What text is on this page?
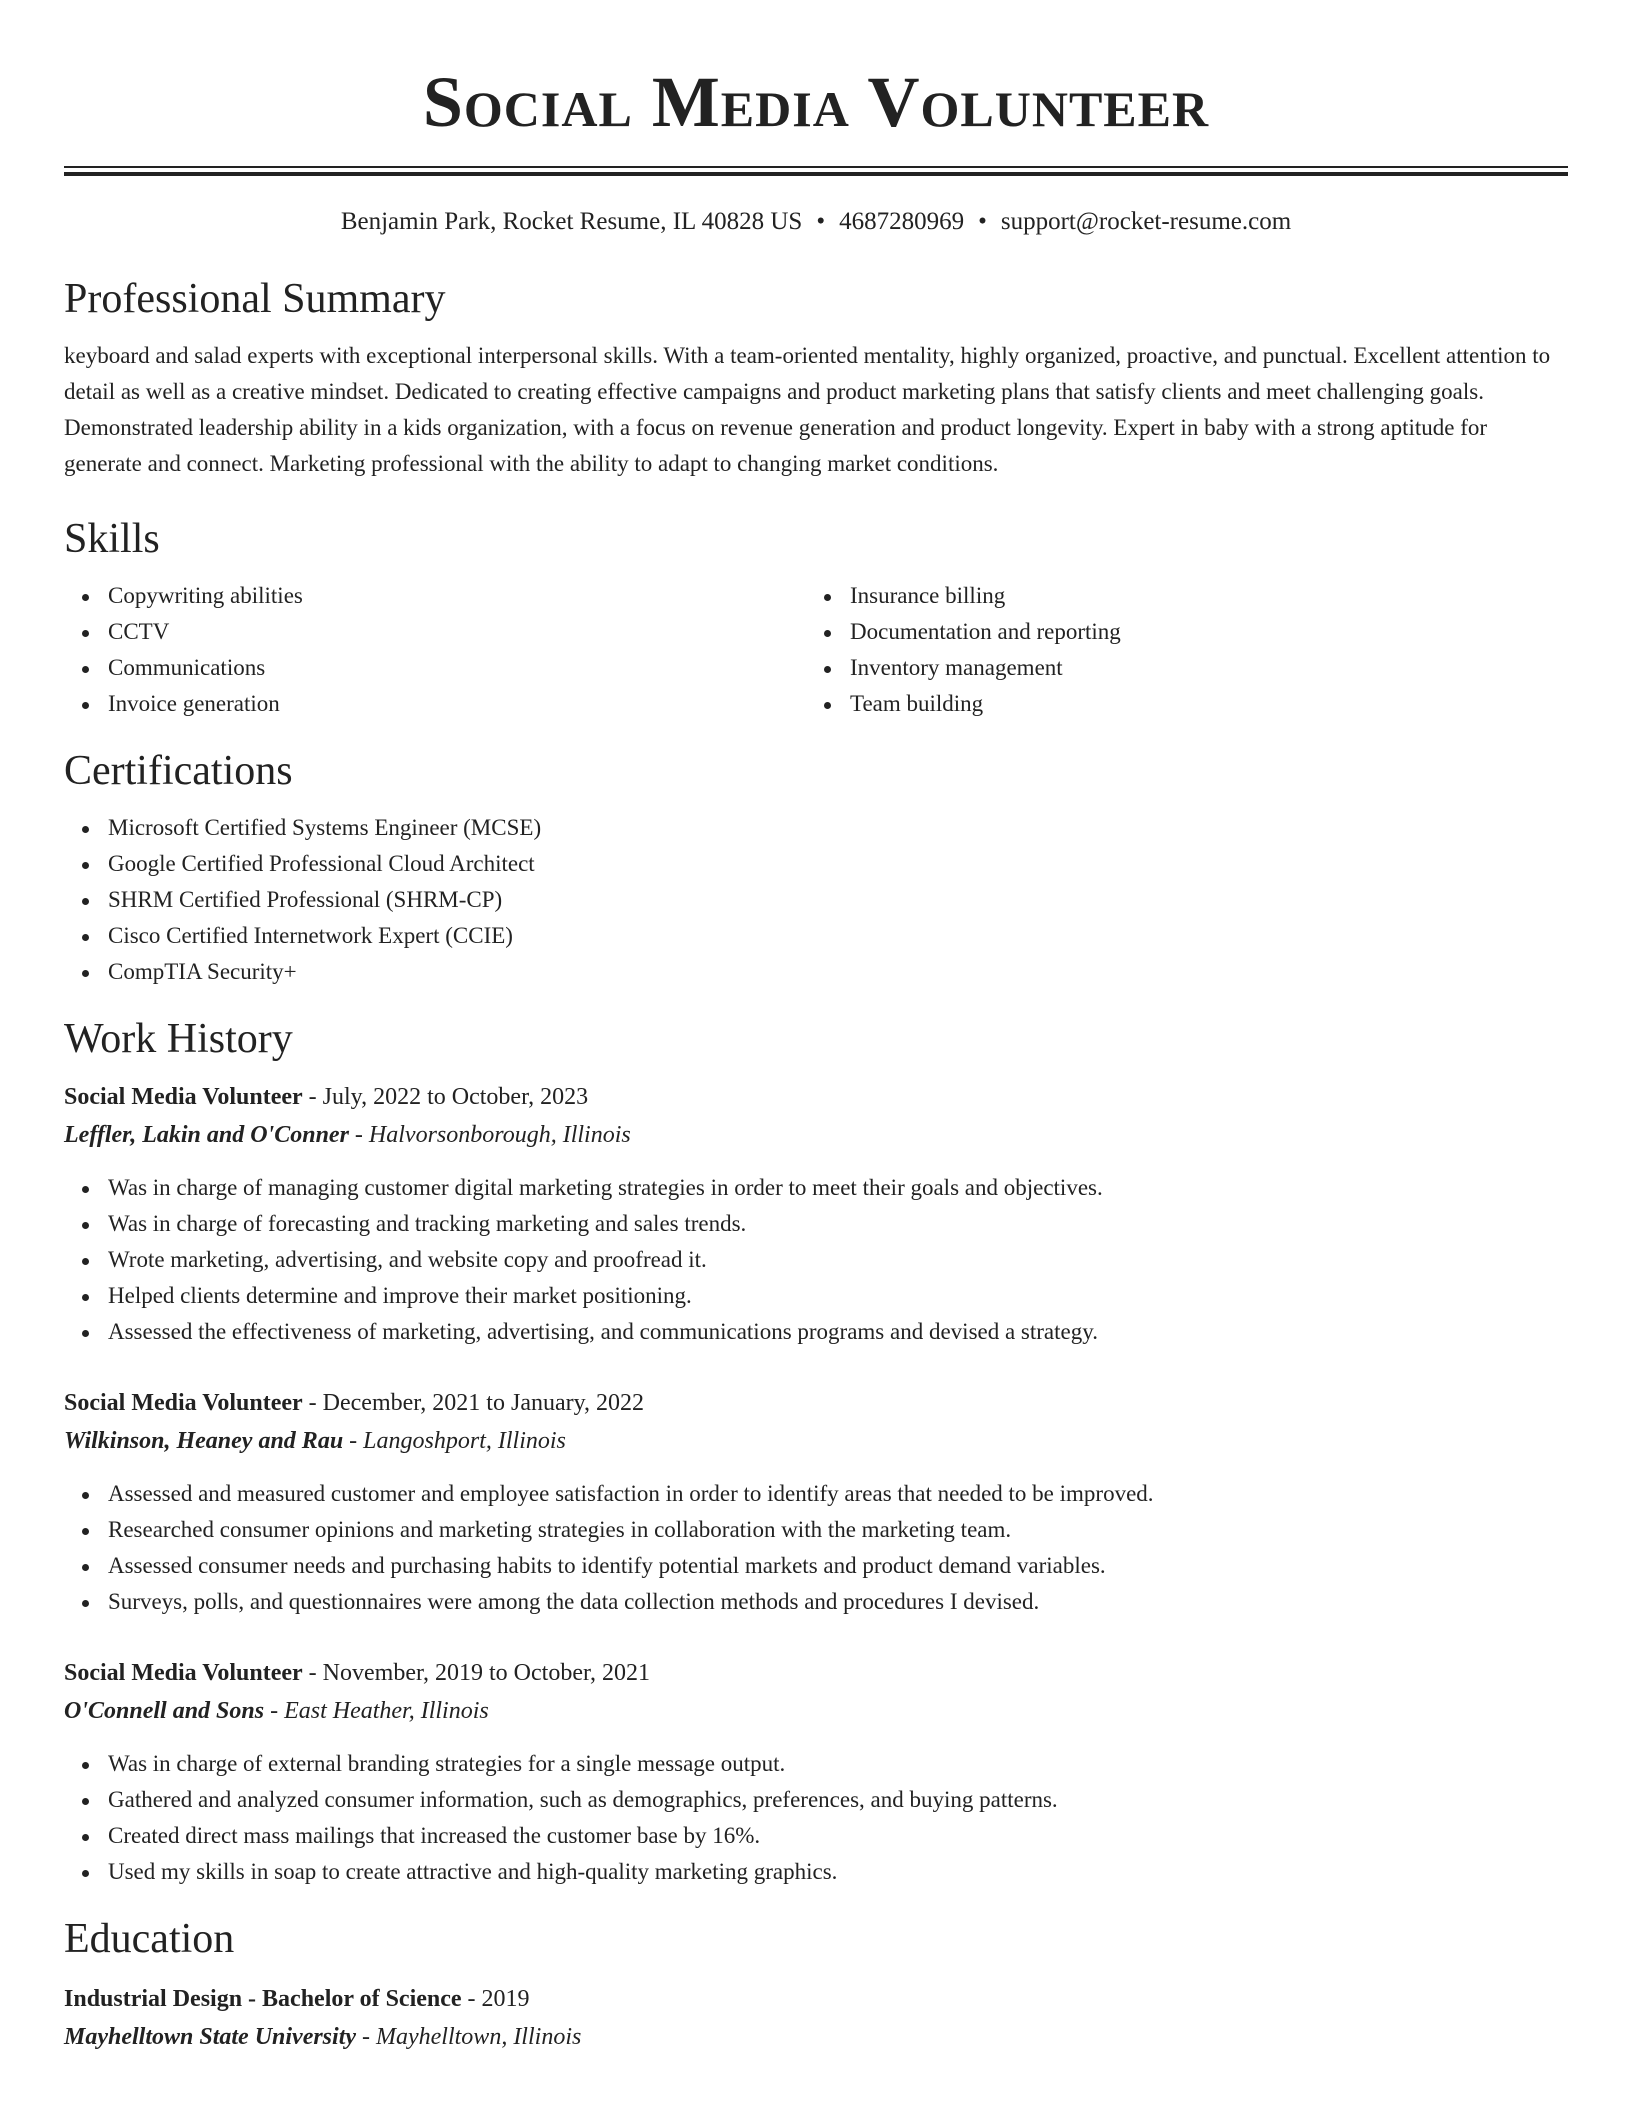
Social Media Volunteer
Benjamin Park, Rocket Resume, IL 40828 US • 4687280969 • support@rocket-resume.com
Professional Summary

keyboard and salad experts with exceptional interpersonal skills. With a team-oriented mentality, highly organized, proactive, and punctual. Excellent attention to detail as well as a creative mindset. Dedicated to creating effective campaigns and product marketing plans that satisfy clients and meet challenging goals. Demonstrated leadership ability in a kids organization, with a focus on revenue generation and product longevity. Expert in baby with a strong aptitude for generate and connect. Marketing professional with the ability to adapt to changing market conditions.

Skills
Copywriting abilities
CCTV
Communications
Invoice generation
Insurance billing
Documentation and reporting
Inventory management
Team building
Certifications
Microsoft Certified Systems Engineer (MCSE)
Google Certified Professional Cloud Architect
SHRM Certified Professional (SHRM-CP)
Cisco Certified Internetwork Expert (CCIE)
CompTIA Security+
Work History
Social Media Volunteer - July, 2022 to October, 2023
Leffler, Lakin and O'Conner - Halvorsonborough, Illinois
Was in charge of managing customer digital marketing strategies in order to meet their goals and objectives.
Was in charge of forecasting and tracking marketing and sales trends.
Wrote marketing, advertising, and website copy and proofread it.
Helped clients determine and improve their market positioning.
Assessed the effectiveness of marketing, advertising, and communications programs and devised a strategy.
Social Media Volunteer - December, 2021 to January, 2022
Wilkinson, Heaney and Rau - Langoshport, Illinois
Assessed and measured customer and employee satisfaction in order to identify areas that needed to be improved.
Researched consumer opinions and marketing strategies in collaboration with the marketing team.
Assessed consumer needs and purchasing habits to identify potential markets and product demand variables.
Surveys, polls, and questionnaires were among the data collection methods and procedures I devised.
Social Media Volunteer - November, 2019 to October, 2021
O'Connell and Sons - East Heather, Illinois
Was in charge of external branding strategies for a single message output.
Gathered and analyzed consumer information, such as demographics, preferences, and buying patterns.
Created direct mass mailings that increased the customer base by 16%.
Used my skills in soap to create attractive and high-quality marketing graphics.
Education
Industrial Design - Bachelor of Science - 2019
Mayhelltown State University - Mayhelltown, Illinois
